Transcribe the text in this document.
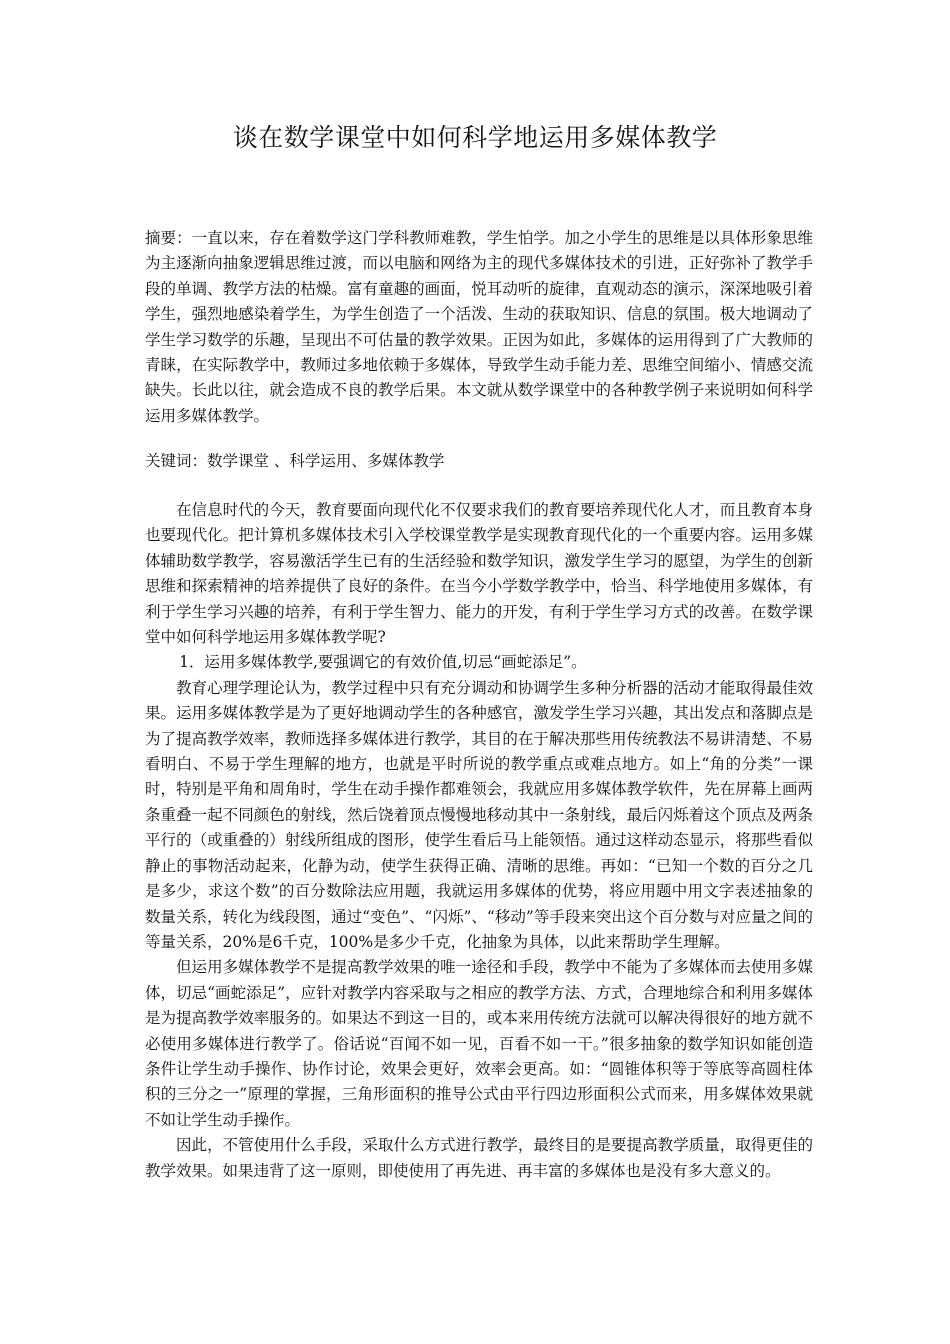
谈在数学课堂中如何科学地运用多媒体教学

摘要：一直以来，存在着数学这门学科教师难教，学生怕学。加之小学生的思维是以具体形象思维为主逐渐向抽象逻辑思维过渡，而以电脑和网络为主的现代多媒体技术的引进，正好弥补了教学手段的单调、教学方法的枯燥。富有童趣的画面，悦耳动听的旋律，直观动态的演示，深深地吸引着学生，强烈地感染着学生，为学生创造了一个活泼、生动的获取知识、信息的氛围。极大地调动了学生学习数学的乐趣，呈现出不可估量的教学效果。正因为如此，多媒体的运用得到了广大教师的青睐，在实际教学中，教师过多地依赖于多媒体，导致学生动手能力差、思维空间缩小、情感交流缺失。长此以往，就会造成不良的教学后果。本文就从数学课堂中的各种教学例子来说明如何科学运用多媒体教学。

关键词：数学课堂 、科学运用、多媒体教学

在信息时代的今天，教育要面向现代化不仅要求我们的教育要培养现代化人才，而且教育本身也要现代化。把计算机多媒体技术引入学校课堂教学是实现教育现代化的一个重要内容。运用多媒体辅助数学教学，容易激活学生已有的生活经验和数学知识，激发学生学习的愿望，为学生的创新思维和探索精神的培养提供了良好的条件。在当今小学数学教学中，恰当、科学地使用多媒体，有利于学生学习兴趣的培养，有利于学生智力、能力的开发，有利于学生学习方式的改善。在数学课堂中如何科学地运用多媒体教学呢?

1．运用多媒体教学,要强调它的有效价值,切忌“画蛇添足”。

教育心理学理论认为，教学过程中只有充分调动和协调学生多种分析器的活动才能取得最佳效果。运用多媒体教学是为了更好地调动学生的各种感官，激发学生学习兴趣，其出发点和落脚点是为了提高教学效率，教师选择多媒体进行教学，其目的在于解决那些用传统教法不易讲清楚、不易看明白、不易于学生理解的地方，也就是平时所说的教学重点或难点地方。如上“角的分类”一课时，特别是平角和周角时，学生在动手操作都难领会，我就应用多媒体教学软件，先在屏幕上画两条重叠一起不同颜色的射线，然后饶着顶点慢慢地移动其中一条射线，最后闪烁着这个顶点及两条平行的（或重叠的）射线所组成的图形，使学生看后马上能领悟。通过这样动态显示，将那些看似静止的事物活动起来，化静为动，使学生获得正确、清晰的思维。再如：“已知一个数的百分之几是多少，求这个数”的百分数除法应用题，我就运用多媒体的优势，将应用题中用文字表述抽象的数量关系，转化为线段图，通过“变色”、“闪烁”、“移动”等手段来突出这个百分数与对应量之间的等量关系，20%是6千克，100%是多少千克，化抽象为具体，以此来帮助学生理解。

但运用多媒体教学不是提高教学效果的唯一途径和手段，教学中不能为了多媒体而去使用多媒体，切忌“画蛇添足”，应针对教学内容采取与之相应的教学方法、方式，合理地综合和利用多媒体是为提高教学效率服务的。如果达不到这一目的，或本来用传统方法就可以解决得很好的地方就不必使用多媒体进行教学了。俗话说“百闻不如一见，百看不如一干。”很多抽象的数学知识如能创造条件让学生动手操作、协作讨论，效果会更好，效率会更高。如：“圆锥体积等于等底等高圆柱体积的三分之一”原理的掌握，三角形面积的推导公式由平行四边形面积公式而来，用多媒体效果就不如让学生动手操作。

因此，不管使用什么手段，采取什么方式进行教学，最终目的是要提高教学质量，取得更佳的教学效果。如果违背了这一原则，即使使用了再先进、再丰富的多媒体也是没有多大意义的。
